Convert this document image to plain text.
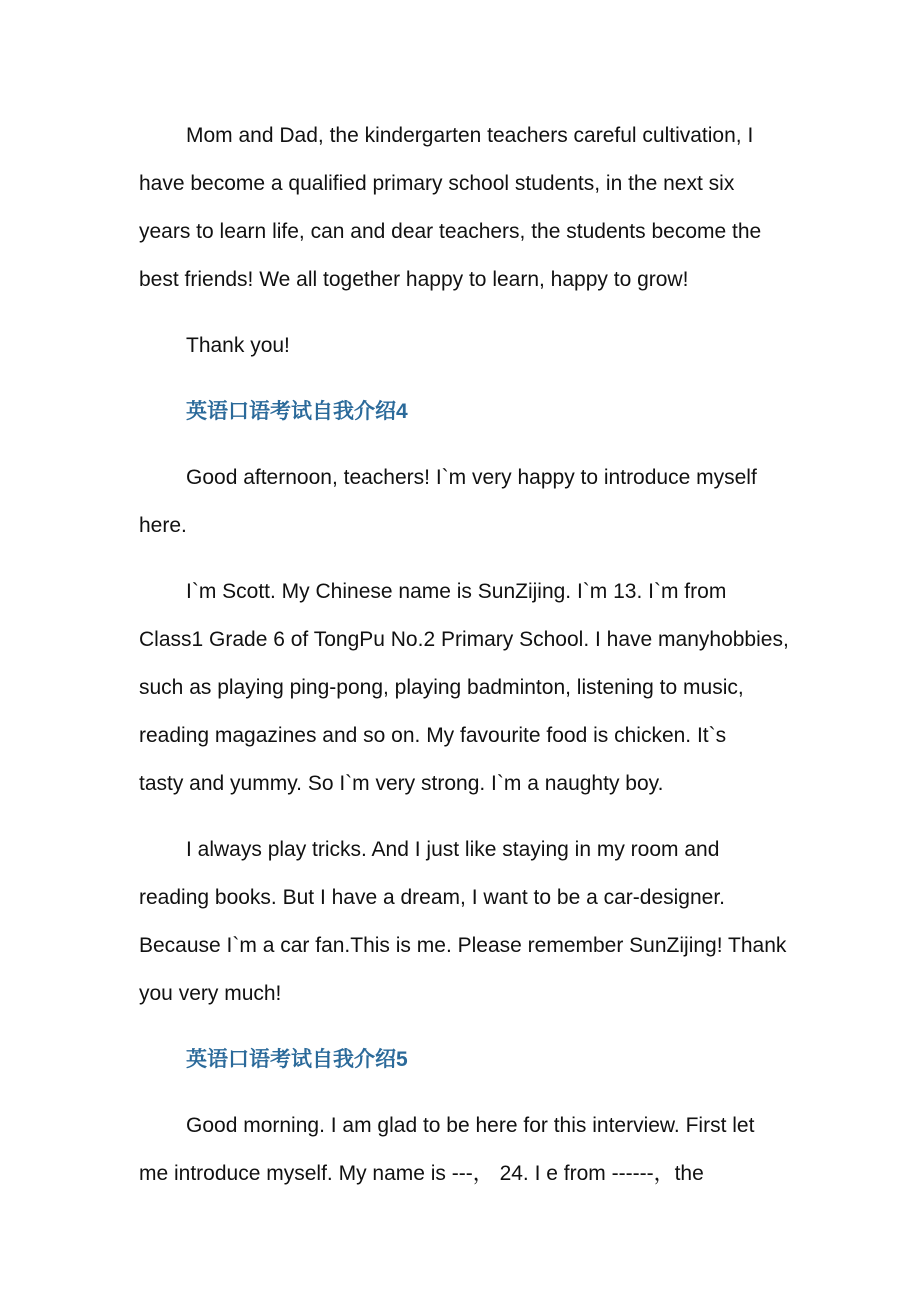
Mom and Dad, the kindergarten teachers careful cultivation, I
have become a qualified primary school students, in the next six
years to learn life, can and dear teachers, the students become the
best friends! We all together happy to learn, happy to grow!

Thank you!

英语口语考试自我介绍4

Good afternoon, teachers! I`m very happy to introduce myself
here.

I`m Scott. My Chinese name is SunZijing. I`m 13. I`m from
Class1 Grade 6 of TongPu No.2 Primary School. I have manyhobbies,
such as playing ping-pong, playing badminton, listening to music,
reading magazines and so on. My favourite food is chicken. It`s
tasty and yummy. So I`m very strong. I`m a naughty boy.

I always play tricks. And I just like staying in my room and
reading books. But I have a dream, I want to be a car-designer.
Because I`m a car fan.This is me. Please remember SunZijing! Thank
you very much!

英语口语考试自我介绍5

Good morning. I am glad to be here for this interview. First let
me introduce myself. My name is ---， 24. I e from ------，the
